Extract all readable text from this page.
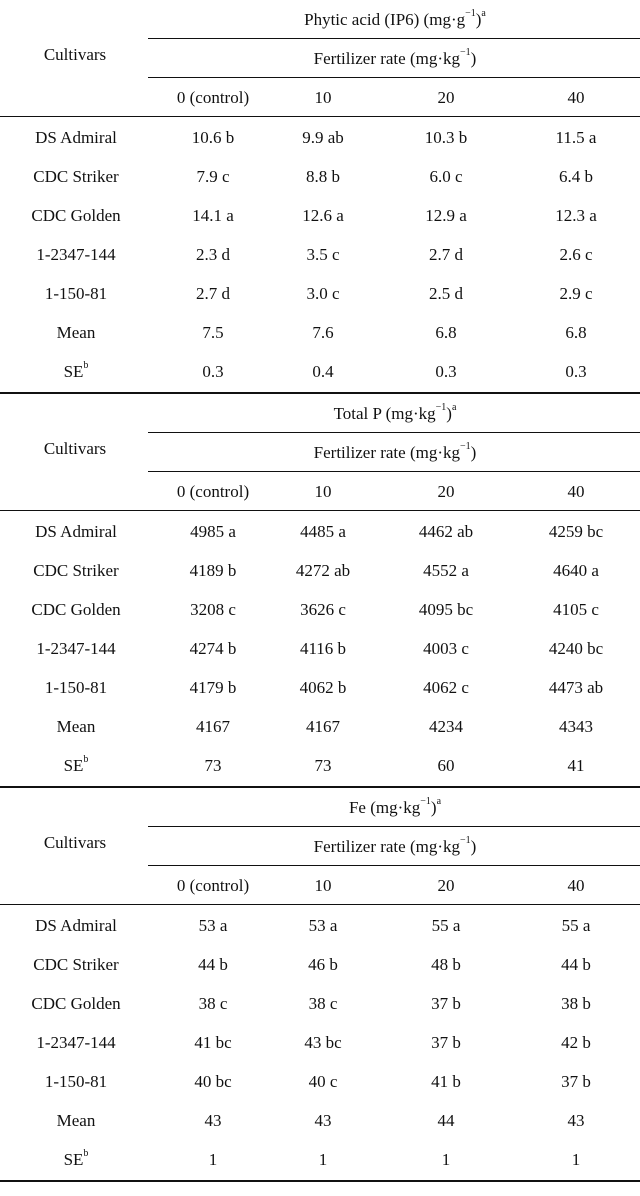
Phytic acid (IP6) $(mg\cdot g^{-1})^a$
Cultivars	Fertilizer rate $(mg\cdot kg^{-1})$
0 (control)	10	20	40
DS Admiral	10.6 b	9.9 ab	10.3 b	11.5 a
CDC Striker	7.9 c	8.8 b	6.0 c	6.4 b
CDC Golden	14.1 a	12.6 a	12.9 a	12.3 a
1-2347-144	2.3 d	3.5 c	2.7 d	2.6 c
1-150-81	2.7 d	3.0 c	2.5 d	2.9 c
Mean	7.5	7.6	6.8	6.8
$SE^b$	0.3	0.4	0.3	0.3
Total P $(mg\cdot kg^{-1})^a$
Cultivars	Fertilizer rate $(mg\cdot kg^{-1})$
0 (control)	10	20	40
DS Admiral	4985 a	4485 a	4462 ab	4259 bc
CDC Striker	4189 b	4272 ab	4552 a	4640 a
CDC Golden	3208 c	3626 c	4095 bc	4105 c
1-2347-144	4274 b	4116 b	4003 c	4240 bc
1-150-81	4179 b	4062 b	4062 c	4473 ab
Mean	4167	4167	4234	4343
$SE^b$	73	73	60	41
Fe $(mg\cdot kg^{-1})^a$
Cultivars	Fertilizer rate $(mg\cdot kg^{-1})$
0 (control)	10	20	40
DS Admiral	53 a	53 a	55 a	55 a
CDC Striker	44 b	46 b	48 b	44 b
CDC Golden	38 c	38 c	37 b	38 b
1-2347-144	41 bc	43 bc	37 b	42 b
1-150-81	40 bc	40 c	41 b	37 b
Mean	43	43	44	43
$SE^b$	1	1	1	1
